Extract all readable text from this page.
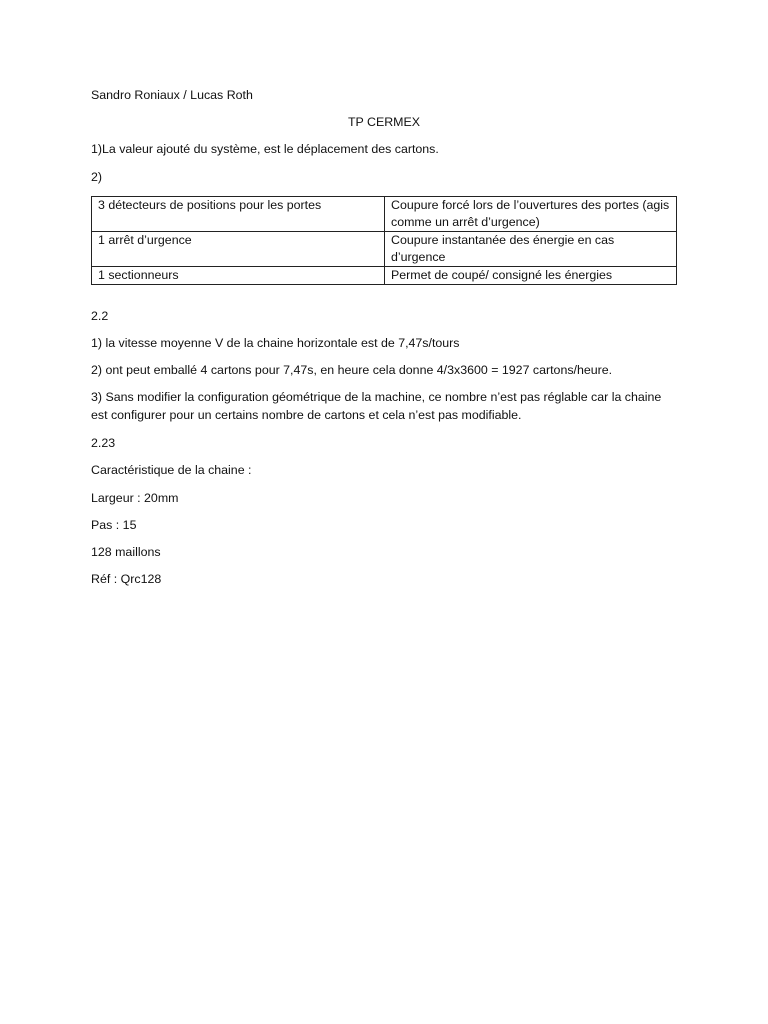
Sandro Roniaux / Lucas Roth
TP CERMEX
1)La valeur ajouté du système, est le déplacement des cartons.
2)
3 détecteurs de positions pour les portes	Coupure forcé lors de l’ouvertures des portes (agis comme un arrêt d’urgence)
1 arrêt d’urgence	Coupure instantanée des énergie en cas d’urgence
1 sectionneurs	Permet de coupé/ consigné les énergies
2.2
1) la vitesse moyenne V de la chaine horizontale est de 7,47s/tours
2) ont peut emballé 4 cartons pour 7,47s, en heure cela donne 4/3x3600 = 1927 cartons/heure.
3) Sans modifier la configuration géométrique de la machine, ce nombre n’est pas réglable car la chaine est configurer pour un certains nombre de cartons et cela n’est pas modifiable.
2.23
Caractéristique de la chaine :
Largeur : 20mm
Pas : 15
128 maillons
Réf : Qrc128
